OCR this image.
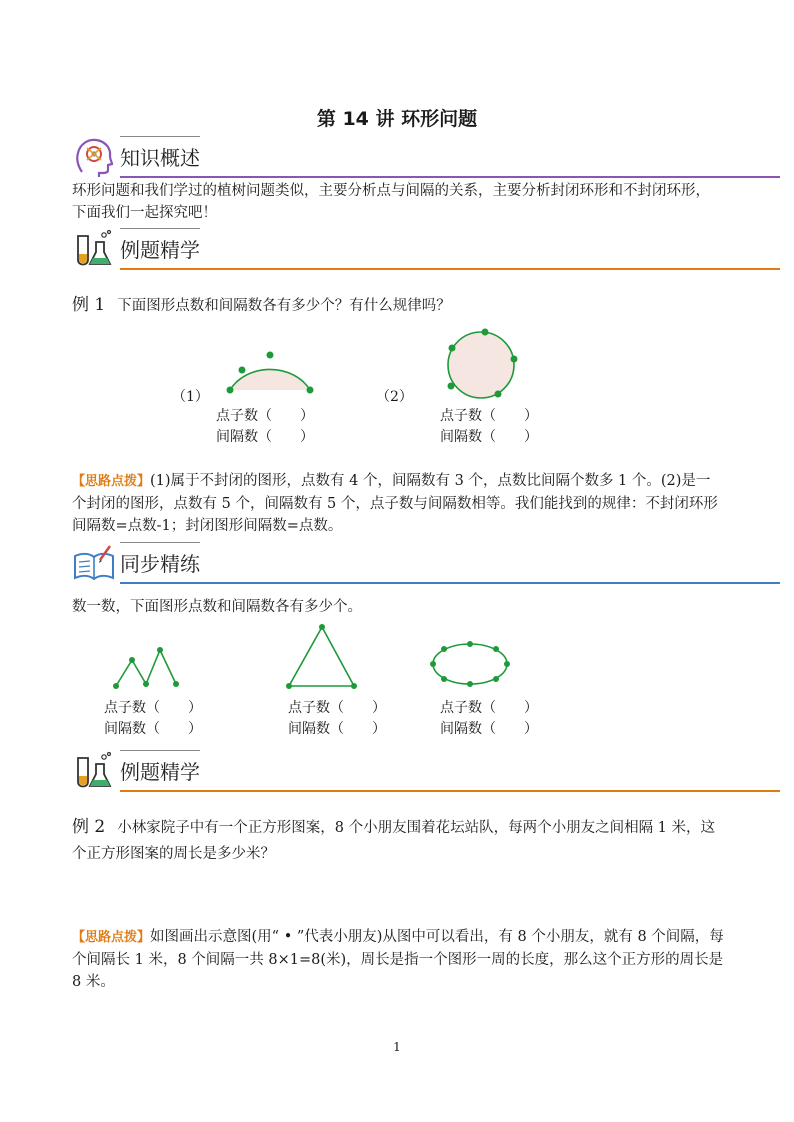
第 14 讲 环形问题
知识概述
环形问题和我们学过的植树问题类似，主要分析点与间隔的关系，主要分析封闭环形和不封闭环形，下面我们一起探究吧！
例题精学
例 1 下面图形点数和间隔数各有多少个？有什么规律吗？
（1）
点子数（　　）
间隔数（　　）
（2）
点子数（　　）
间隔数（　　）
【思路点拨】(1)属于不封闭的图形，点数有 4 个，间隔数有 3 个，点数比间隔个数多 1 个。(2)是一个封闭的图形，点数有 5 个，间隔数有 5 个，点子数与间隔数相等。我们能找到的规律：不封闭环形间隔数=点数-1；封闭图形间隔数=点数。
同步精练
数一数，下面图形点数和间隔数各有多少个。
点子数（　　）
间隔数（　　）
点子数（　　）
间隔数（　　）
点子数（　　）
间隔数（　　）
例题精学
例 2 小林家院子中有一个正方形图案，8 个小朋友围着花坛站队，每两个小朋友之间相隔 1 米，这个正方形图案的周长是多少米？
【思路点拨】如图画出示意图(用“ • ”代表小朋友)从图中可以看出，有 8 个小朋友，就有 8 个间隔，每个间隔长 1 米，8 个间隔一共 8×1=8(米)，周长是指一个图形一周的长度，那么这个正方形的周长是 8 米。
1
